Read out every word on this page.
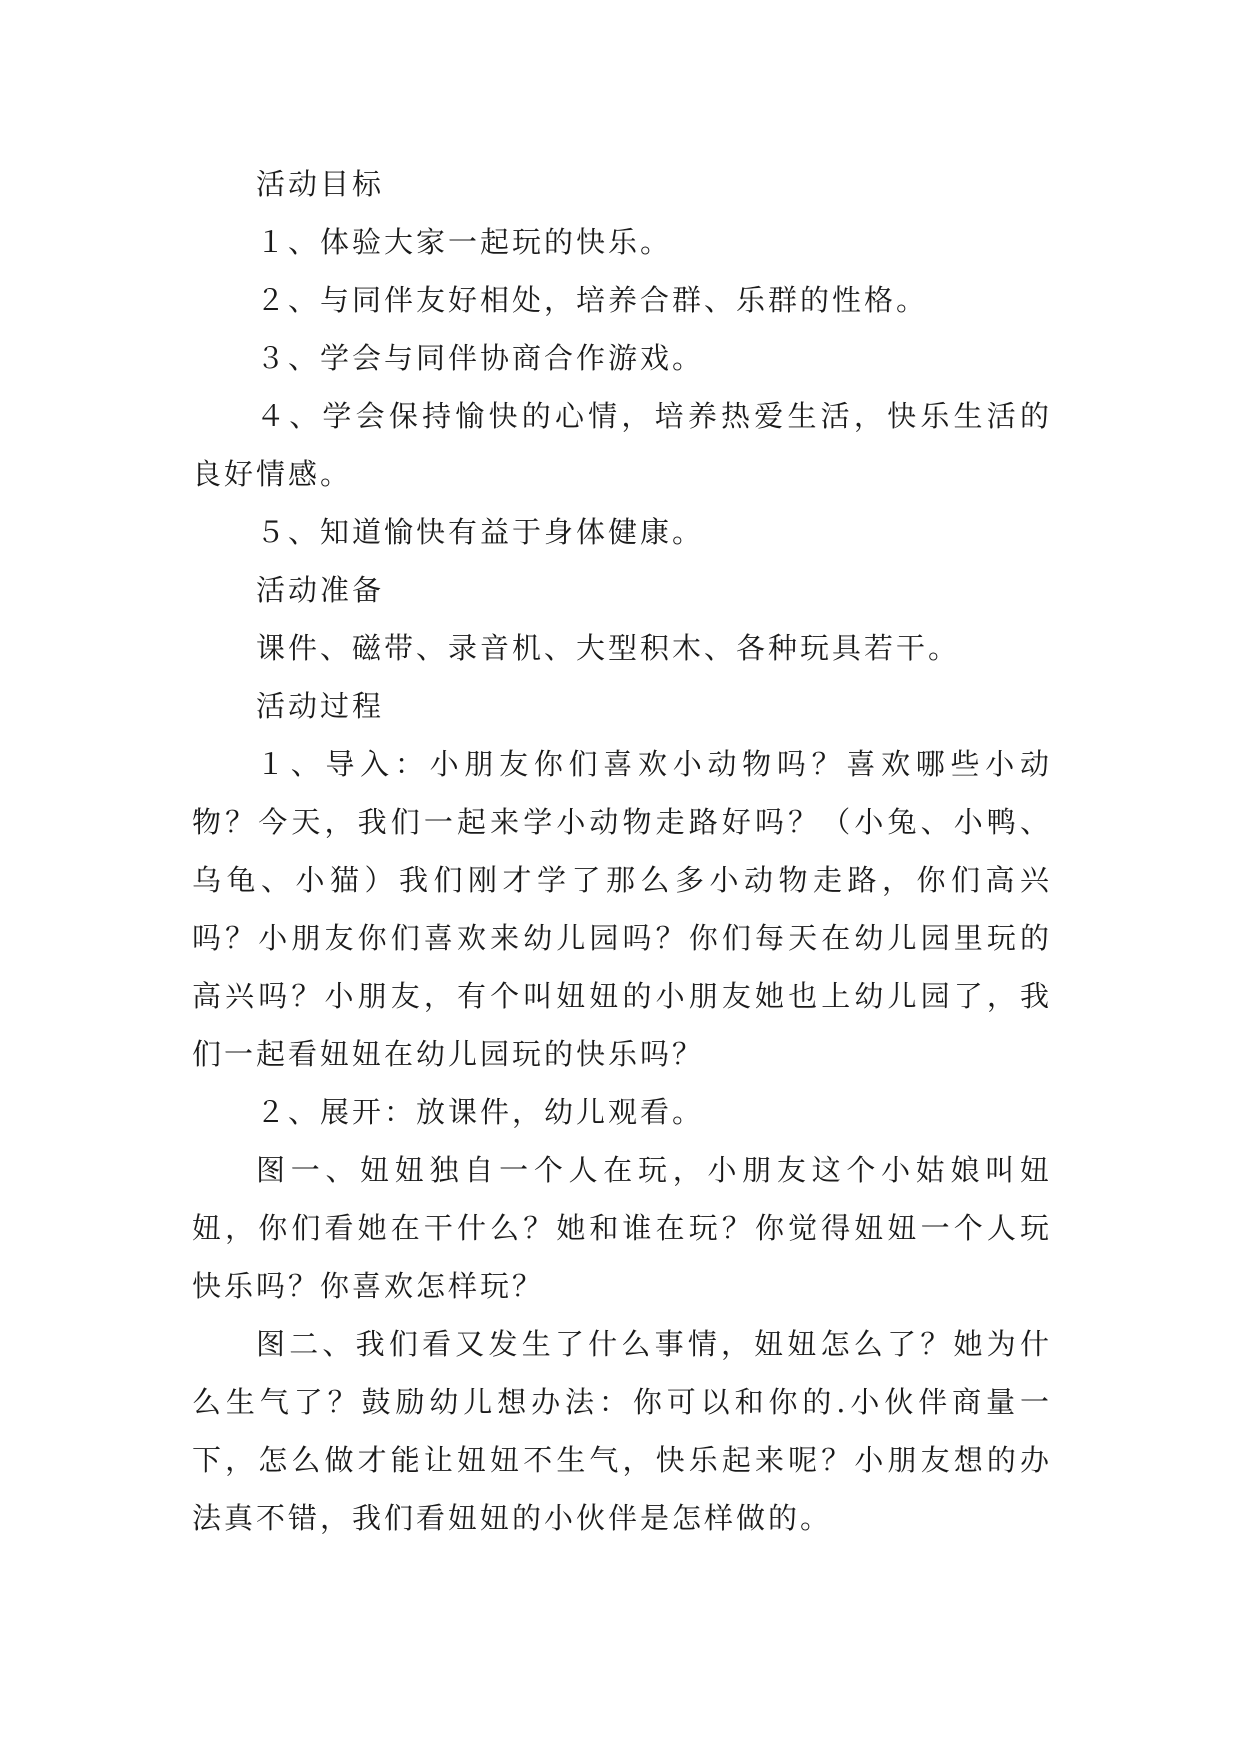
活动目标

１、体验大家一起玩的快乐。

２、与同伴友好相处，培养合群、乐群的性格。

３、学会与同伴协商合作游戏。

４、学会保持愉快的心情，培养热爱生活，快乐生活的良好情感。

５、知道愉快有益于身体健康。

活动准备

课件、磁带、录音机、大型积木、各种玩具若干。

活动过程

１、导入：小朋友你们喜欢小动物吗？喜欢哪些小动物？今天，我们一起来学小动物走路好吗？（小兔、小鸭、乌龟、小猫）我们刚才学了那么多小动物走路，你们高兴吗？小朋友你们喜欢来幼儿园吗？你们每天在幼儿园里玩的高兴吗？小朋友，有个叫妞妞的小朋友她也上幼儿园了，我们一起看妞妞在幼儿园玩的快乐吗？

２、展开：放课件，幼儿观看。

图一、妞妞独自一个人在玩，小朋友这个小姑娘叫妞妞，你们看她在干什么？她和谁在玩？你觉得妞妞一个人玩快乐吗？你喜欢怎样玩？

图二、我们看又发生了什么事情，妞妞怎么了？她为什么生气了？鼓励幼儿想办法：你可以和你的.小伙伴商量一下，怎么做才能让妞妞不生气，快乐起来呢？小朋友想的办法真不错，我们看妞妞的小伙伴是怎样做的。
